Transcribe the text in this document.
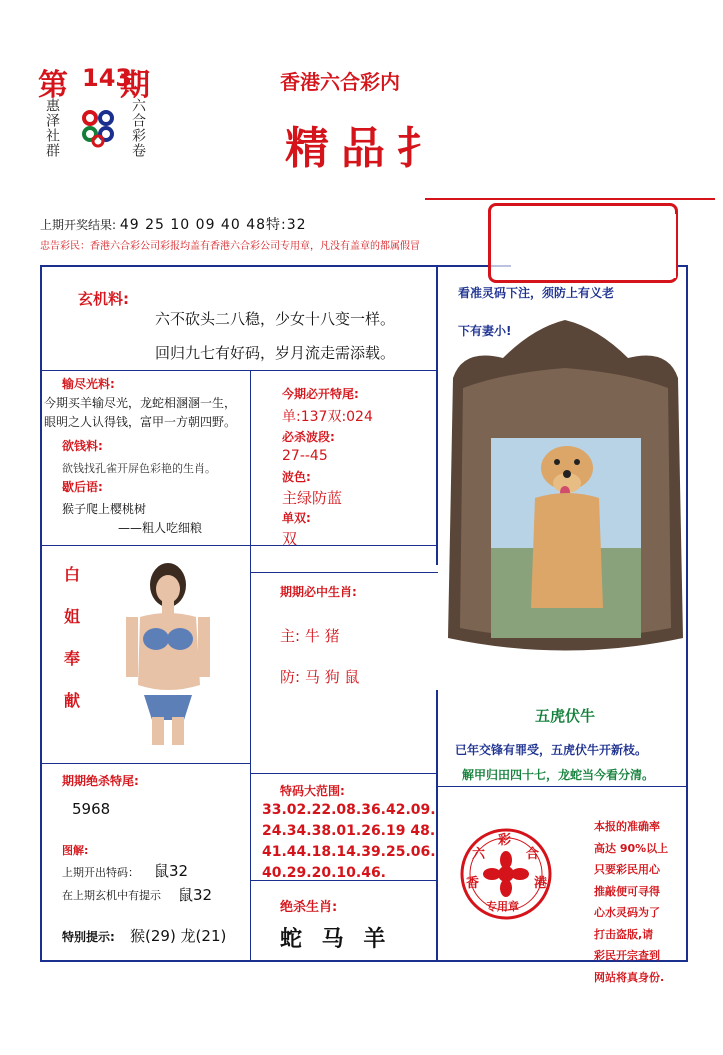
第 143
期
惠泽社群	六合彩卷
香港六合彩内
精品扌
上期开奖结果: 49 25 10 09 40 48特:32
忠告彩民：香港六合彩公司彩报均盖有香港六合彩公司专用章，凡没有盖章的都属假冒
玄机料:
六不砍头二八稳，少女十八变一样。
回归九七有好码，岁月流走需添载。
输尽光料:
今期买羊输尽光，龙蛇相溷溷一生，
眼明之人认得钱，富甲一方朝四野。
欲钱料:
欲钱找孔雀开屏色彩艳的生肖。
歇后语:
猴子爬上樱桃树
——粗人吃细粮
今期必开特尾:
单:137双:024
必杀波段:
27--45
波色:
主绿防蓝
单双:
双
白
姐
奉
献
期期必中生肖:
主: 牛 猪
防: 马 狗 鼠
期期绝杀特尾:
5968
图解:
上期开出特码： 鼠32
在上期玄机中有提示 鼠32
特别提示: 猴(29) 龙(21)
特码大范围:
33.02.22.08.36.42.09.
24.34.38.01.26.19 48.
41.44.18.14.39.25.06.
40.29.20.10.46.
绝杀生肖:
蛇 马 羊
看准灵码下注，须防上有义老
下有妻小!
五虎伏牛
已年交锋有罪受，五虎伏牛开新枝。
解甲归田四十七，龙蛇当今看分清。
六
彩
合
香	港
专用章
本报的准确率
高达 90%以上
只要彩民用心
推敲便可寻得
心水灵码为了
打击盗版,请
彩民开宗查到
网站将真身份.
